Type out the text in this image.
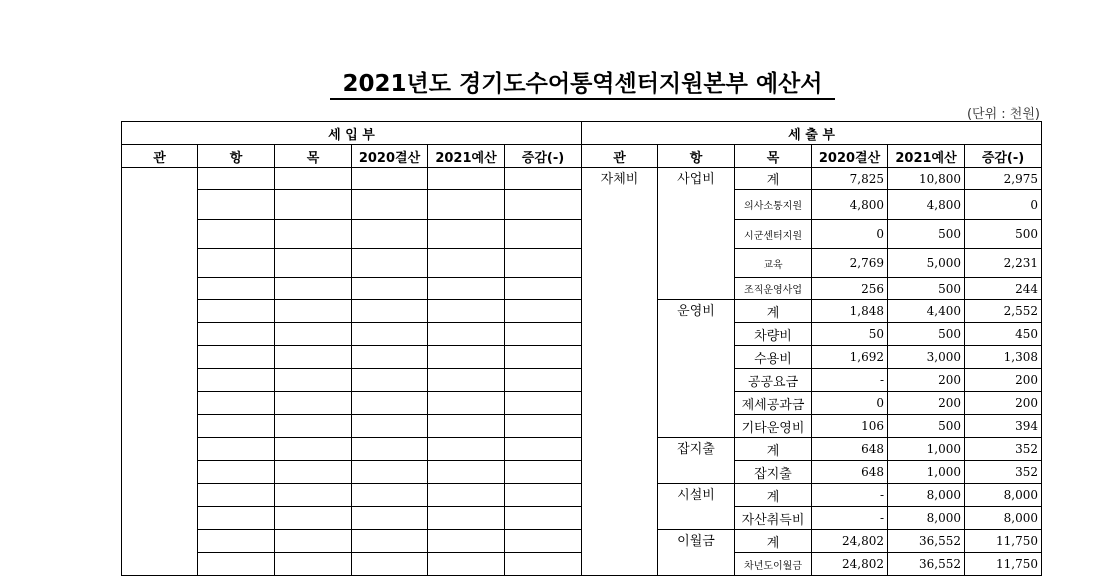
2021년도 경기도수어통역센터지원본부 예산서
(단위 : 천원)
세 입 부						세 출 부					
관	항	목	2020결산	2021예산	증감(-)	관	항	목	2020결산	2021예산	증감(-)
						자체비	사업비	계	7,825	10,800	2,975
								의사소통지원	4,800	4,800	0
								시군센터지원	0	500	500
								교육	2,769	5,000	2,231
								조직운영사업	256	500	244
							운영비	계	1,848	4,400	2,552
								차량비	50	500	450
								수용비	1,692	3,000	1,308
								공공요금	-	200	200
								제세공과금	0	200	200
								기타운영비	106	500	394
							잡지출	계	648	1,000	352
								잡지출	648	1,000	352
							시설비	계	-	8,000	8,000
								자산취득비	-	8,000	8,000
							이월금	계	24,802	36,552	11,750
								차년도이월금	24,802	36,552	11,750
